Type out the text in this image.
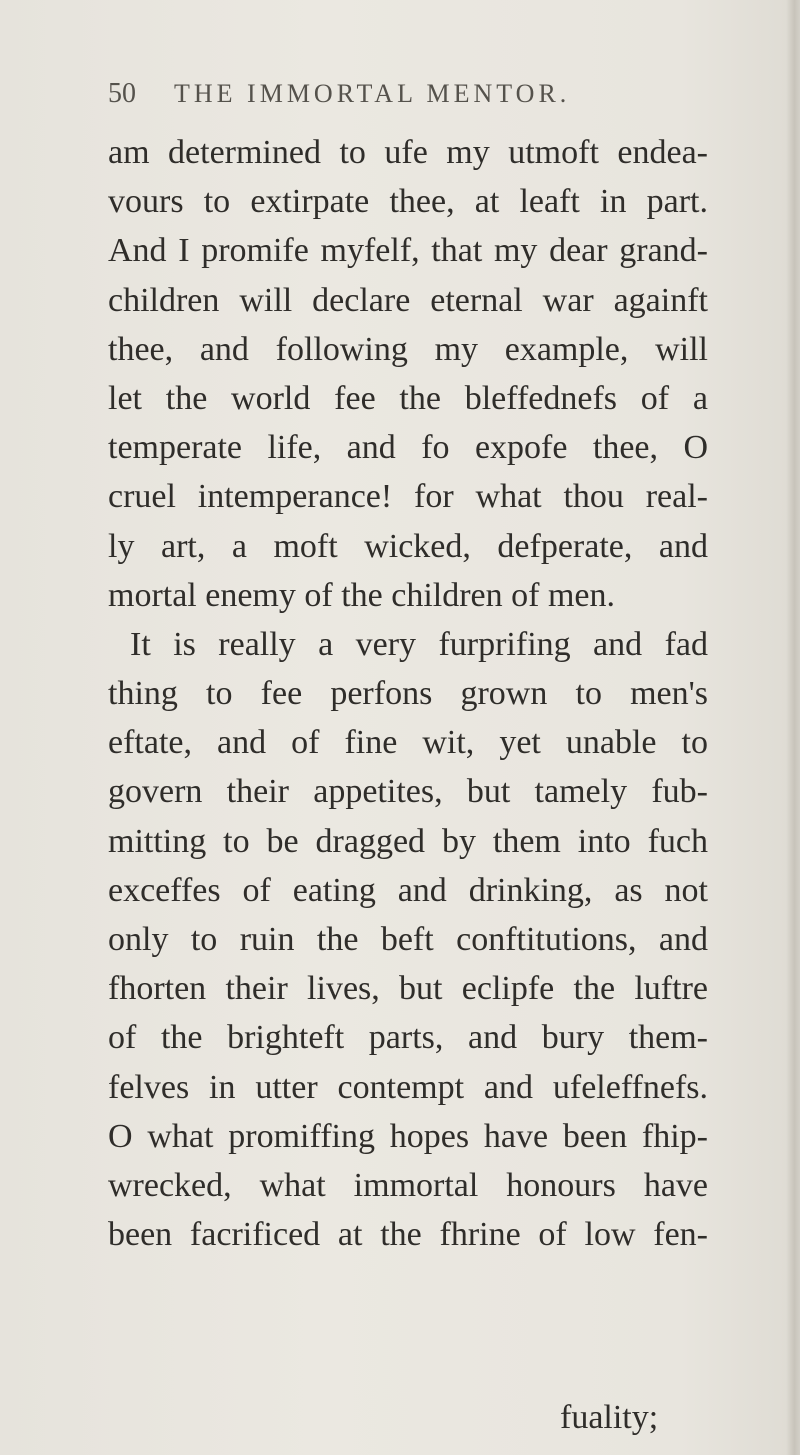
50 THE IMMORTAL MENTOR.
am determined to ufe my utmoft endea-
vours to extirpate thee, at leaft in part.
And I promife myfelf, that my dear grand-
children will declare eternal war againft
thee, and following my example, will
let the world fee the bleffednefs of a
temperate life, and fo expofe thee, O
cruel intemperance! for what thou real-
ly art, a moft wicked, defperate, and
mortal enemy of the children of men.
It is really a very furprifing and fad
thing to fee perfons grown to men's
eftate, and of fine wit, yet unable to
govern their appetites, but tamely fub-
mitting to be dragged by them into fuch
exceffes of eating and drinking, as not
only to ruin the beft conftitutions, and
fhorten their lives, but eclipfe the luftre
of the brighteft parts, and bury them-
felves in utter contempt and ufeleffnefs.
O what promiffing hopes have been fhip-
wrecked, what immortal honours have
been facrificed at the fhrine of low fen-
fuality;
